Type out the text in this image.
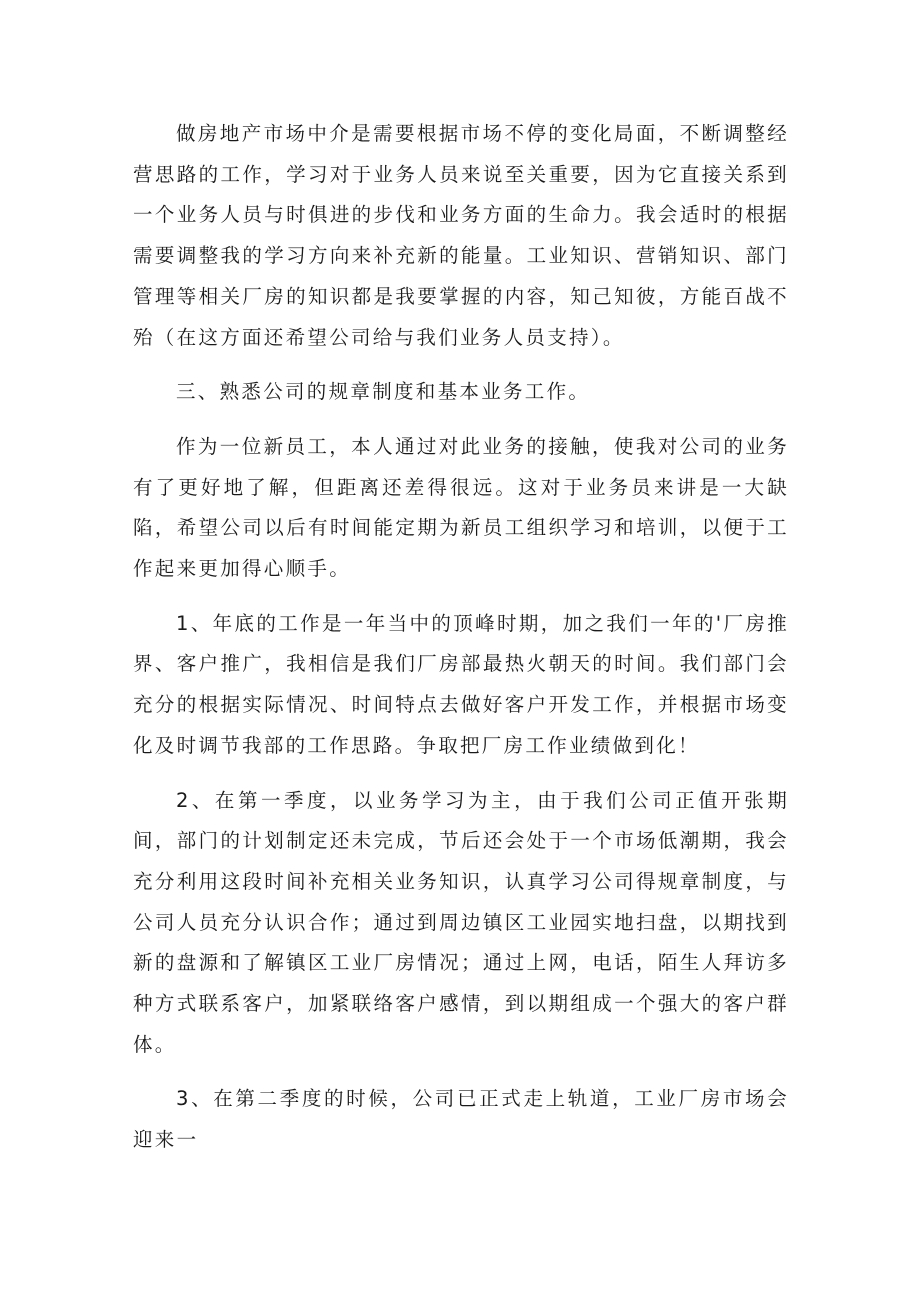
做房地产市场中介是需要根据市场不停的变化局面，不断调整经营思路的工作，学习对于业务人员来说至关重要，因为它直接关系到一个业务人员与时俱进的步伐和业务方面的生命力。我会适时的根据需要调整我的学习方向来补充新的能量。工业知识、营销知识、部门管理等相关厂房的知识都是我要掌握的内容，知己知彼，方能百战不殆（在这方面还希望公司给与我们业务人员支持）。

三、熟悉公司的规章制度和基本业务工作。

作为一位新员工，本人通过对此业务的接触，使我对公司的业务有了更好地了解，但距离还差得很远。这对于业务员来讲是一大缺陷，希望公司以后有时间能定期为新员工组织学习和培训，以便于工作起来更加得心顺手。

1、年底的工作是一年当中的顶峰时期，加之我们一年的'厂房推界、客户推广，我相信是我们厂房部最热火朝天的时间。我们部门会充分的根据实际情况、时间特点去做好客户开发工作，并根据市场变化及时调节我部的工作思路。争取把厂房工作业绩做到化！

2、在第一季度，以业务学习为主，由于我们公司正值开张期间，部门的计划制定还未完成，节后还会处于一个市场低潮期，我会充分利用这段时间补充相关业务知识，认真学习公司得规章制度，与公司人员充分认识合作；通过到周边镇区工业园实地扫盘，以期找到新的盘源和了解镇区工业厂房情况；通过上网，电话，陌生人拜访多种方式联系客户，加紧联络客户感情，到以期组成一个强大的客户群体。

3、在第二季度的时候，公司已正式走上轨道，工业厂房市场会迎来一
